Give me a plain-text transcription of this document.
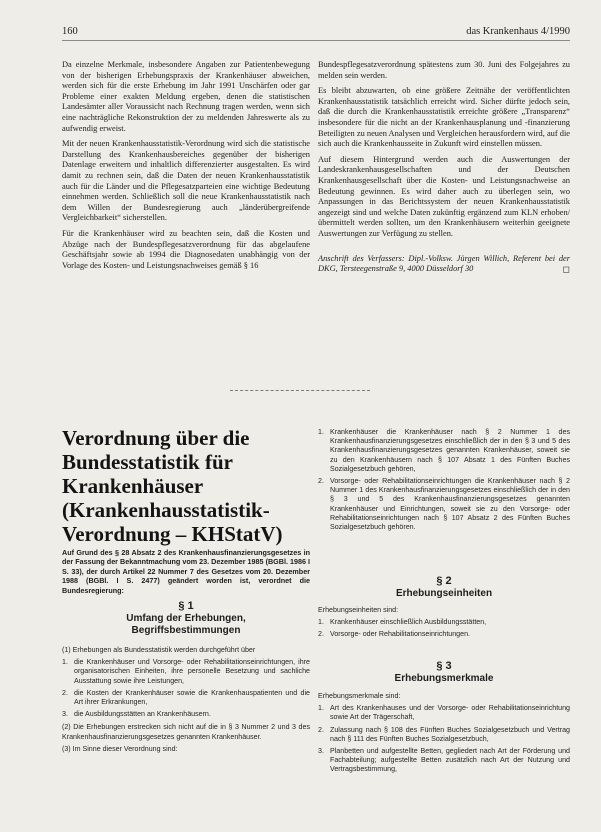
160	das Krankenhaus 4/1990

Da einzelne Merkmale, insbesondere Angaben zur Patientenbewegung von der bisherigen Erhebungspraxis der Krankenhäuser abweichen, werden sich für die erste Erhebung im Jahr 1991 Unschärfen oder gar Probleme einer exakten Meldung ergeben, denen die statistischen Landesämter aller Voraussicht nach Rechnung tragen werden, wenn sich eine nachträgliche Rekonstruktion der zu meldenden Jahreswerte als zu aufwendig erweist.

Mit der neuen Krankenhausstatistik-Verordnung wird sich die statistische Darstellung des Krankenhausbereiches gegenüber der bisherigen Datenlage erweitern und inhaltlich differenzierter ausgestalten. Es wird damit zu rechnen sein, daß die Daten der neuen Krankenhausstatistik auch für die Länder und die Pflegesatzparteien eine wichtige Bedeutung einnehmen werden. Schließlich soll die neue Krankenhausstatistik nach dem Willen der Bundesregierung auch „länderübergreifende Vergleichbarkeit“ sicherstellen.

Für die Krankenhäuser wird zu beachten sein, daß die Kosten und Abzüge nach der Bundespflegesatzverordnung für das abgelaufene Geschäftsjahr sowie ab 1994 die Diagnosedaten unabhängig von der Vorlage des Kosten- und Leistungsnachweises gemäß § 16

Bundespflegesatzverordnung spätestens zum 30. Juni des Folgejahres zu melden sein werden.

Es bleibt abzuwarten, ob eine größere Zeitnähe der veröffentlichten Krankenhausstatistik tatsächlich erreicht wird. Sicher dürfte jedoch sein, daß die durch die Krankenhausstatistik erreichte größere „Transparenz“ insbesondere für die nicht an der Krankenhausplanung und -finanzierung Beteiligten zu neuen Analysen und Vergleichen herausfordern wird, auf die sich auch die Krankenhausseite in Zukunft wird einstellen müssen.

Auf diesem Hintergrund werden auch die Auswertungen der Landeskrankenhausgesellschaften und der Deutschen Krankenhausgesellschaft über die Kosten- und Leistungsnachweise an Bedeutung gewinnen. Es wird daher auch zu überlegen sein, wo Anpassungen in das Berichtssystem der neuen Krankenhausstatistik angezeigt sind und welche Daten zukünftig ergänzend zum KLN erhoben/übermittelt werden sollten, um den Krankenhäusern weiterhin geeignete Auswertungen zur Verfügung zu stellen.

Anschrift des Verfassers: Dipl.-Volksw. Jürgen Willich, Referent bei der DKG, Tersteegenstraße 9, 4000 Düsseldorf 30	◻

Verordnung über die
Bundesstatistik für
Krankenhäuser
(Krankenhausstatistik-
Verordnung – KHStatV)
Auf Grund des § 28 Absatz 2 des Krankenhausfinanzierungsgesetzes in der Fassung der Bekanntmachung vom 23. Dezember 1985 (BGBl. 1986 I S. 33), der durch Artikel 22 Nummer 7 des Gesetzes vom 20. Dezember 1988 (BGBl. I S. 2477) geändert worden ist, verordnet die Bundesregierung:
§ 1
Umfang der Erhebungen,
Begriffsbestimmungen

(1) Erhebungen als Bundesstatistik werden durchgeführt über

1. die Krankenhäuser und Vorsorge- oder Rehabilitationseinrichtungen, ihre organisatorischen Einheiten, ihre personelle Besetzung und sachliche Ausstattung sowie ihre Leistungen,
2. die Kosten der Krankenhäuser sowie die Krankenhauspatienten und die Art ihrer Erkrankungen,
3. die Ausbildungsstätten an Krankenhäusern.

(2) Die Erhebungen erstrecken sich nicht auf die in § 3 Nummer 2 und 3 des Krankenhausfinanzierungsgesetzes genannten Krankenhäuser.

(3) Im Sinne dieser Verordnung sind:

1. Krankenhäuser die Krankenhäuser nach § 2 Nummer 1 des Krankenhausfinanzierungsgesetzes einschließlich der in den § 3 und 5 des Krankenhausfinanzierungsgesetzes genannten Krankenhäuser, soweit sie zu den Krankenhäusern nach § 107 Absatz 1 des Fünften Buches Sozialgesetzbuch gehören,
2. Vorsorge- oder Rehabilitationseinrichtungen die Krankenhäuser nach § 2 Nummer 1 des Krankenhausfinanzierungsgesetzes einschließlich der in den § 3 und 5 des Krankenhausfinanzierungsgesetzes genannten Krankenhäuser und Einrichtungen, soweit sie zu den Vorsorge- oder Rehabilitationseinrichtungen nach § 107 Absatz 2 des Fünften Buches Sozialgesetzbuch gehören.
§ 2
Erhebungseinheiten

Erhebungseinheiten sind:

1. Krankenhäuser einschließlich Ausbildungsstätten,
2. Vorsorge- oder Rehabilitationseinrichtungen.
§ 3
Erhebungsmerkmale

Erhebungsmerkmale sind:

1. Art des Krankenhauses und der Vorsorge- oder Rehabilitationseinrichtung sowie Art der Trägerschaft,
2. Zulassung nach § 108 des Fünften Buches Sozialgesetzbuch und Vertrag nach § 111 des Fünften Buches Sozialgesetzbuch,
3. Planbetten und aufgestellte Betten, gegliedert nach Art der Förderung und Fachabteilung; aufgestellte Betten zusätzlich nach Art der Nutzung und Vertragsbestimmung,
